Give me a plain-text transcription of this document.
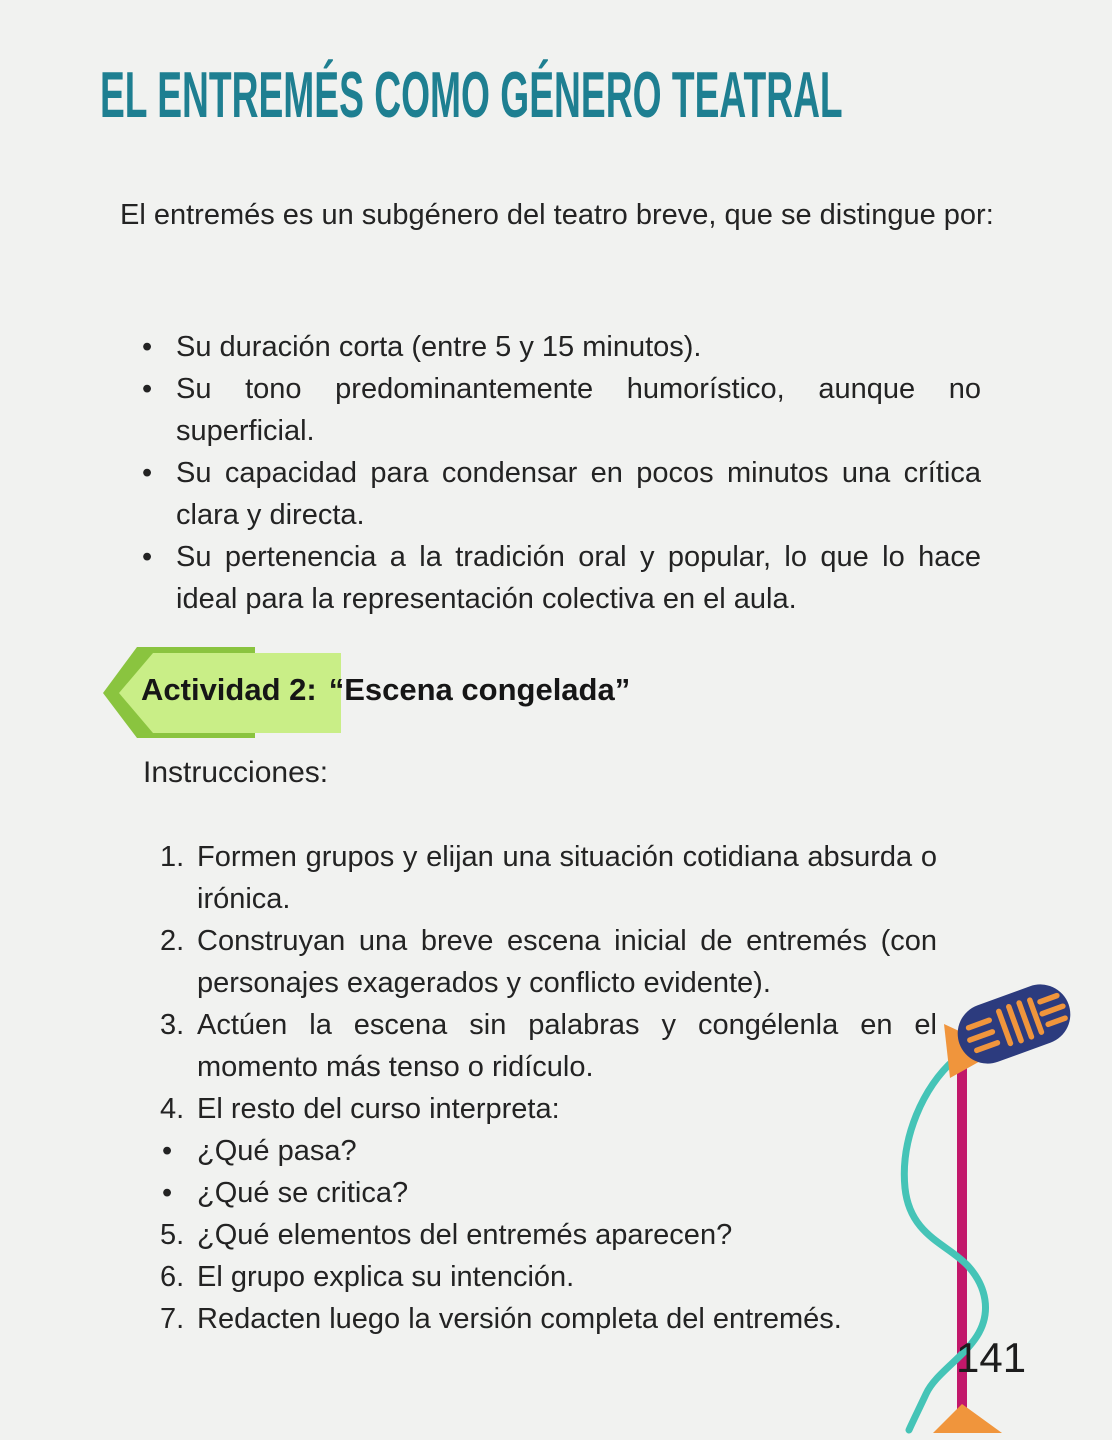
EL ENTREMÉS COMO GÉNERO TEATRAL

El entremés es un subgénero del teatro breve, que se distingue por:

• Su duración corta (entre 5 y 15 minutos).
• Su tono predominantemente humorístico, aunque no superficial.
• Su capacidad para condensar en pocos minutos una crítica clara y directa.
• Su pertenencia a la tradición oral y popular, lo que lo hace ideal para la representación colectiva en el aula.
Actividad 2: “Escena congelada”

Instrucciones:

1. Formen grupos y elijan una situación cotidiana absurda o irónica.
2. Construyan una breve escena inicial de entremés (con personajes exagerados y conflicto evidente).
3. Actúen la escena sin palabras y congélenla en el momento más tenso o ridículo.
4. El resto del curso interpreta:
• ¿Qué pasa?
• ¿Qué se critica?
5. ¿Qué elementos del entremés aparecen?
6. El grupo explica su intención.
7. Redacten luego la versión completa del entremés.
141
